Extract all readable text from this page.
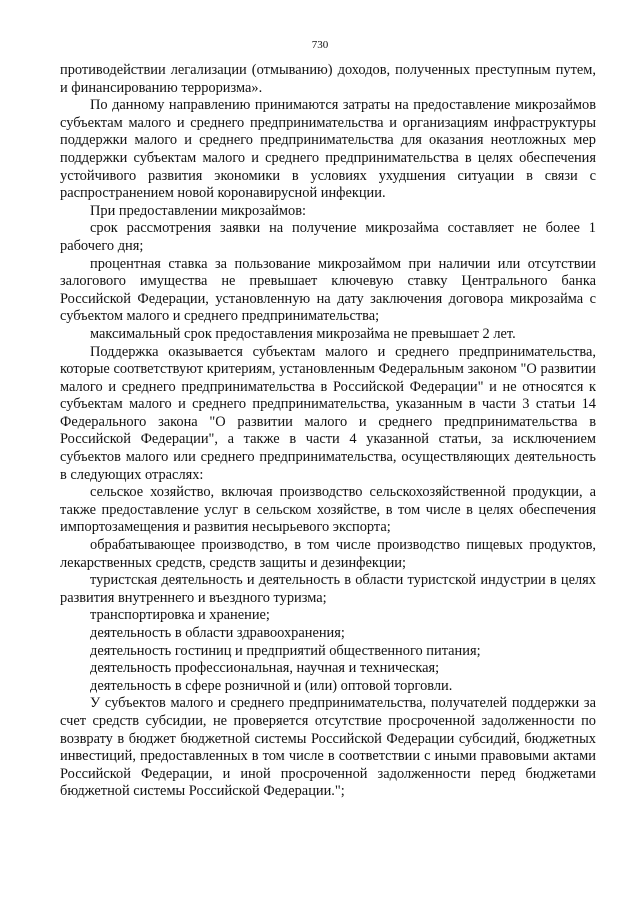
730

противодействии легализации (отмыванию) доходов, полученных преступным путем, и финансированию терроризма».

По данному направлению принимаются затраты на предоставление микрозаймов субъектам малого и среднего предпринимательства и организациям инфраструктуры поддержки малого и среднего предпринимательства для оказания неотложных мер поддержки субъектам малого и среднего предпринимательства в целях обеспечения устойчивого развития экономики в условиях ухудшения ситуации в связи с распространением новой коронавирусной инфекции.

При предоставлении микрозаймов:

срок рассмотрения заявки на получение микрозайма составляет не более 1 рабочего дня;

процентная ставка за пользование микрозаймом при наличии или отсутствии залогового имущества не превышает ключевую ставку Центрального банка Российской Федерации, установленную на дату заключения договора микрозайма с субъектом малого и среднего предпринимательства;

максимальный срок предоставления микрозайма не превышает 2 лет.

Поддержка оказывается субъектам малого и среднего предпринимательства, которые соответствуют критериям, установленным Федеральным законом "О развитии малого и среднего предпринимательства в Российской Федерации" и не относятся к субъектам малого и среднего предпринимательства, указанным в части 3 статьи 14 Федерального закона "О развитии малого и среднего предпринимательства в Российской Федерации", а также в части 4 указанной статьи, за исключением субъектов малого или среднего предпринимательства, осуществляющих деятельность в следующих отраслях:

сельское хозяйство, включая производство сельскохозяйственной продукции, а также предоставление услуг в сельском хозяйстве, в том числе в целях обеспечения импортозамещения и развития несырьевого экспорта;

обрабатывающее производство, в том числе производство пищевых продуктов, лекарственных средств, средств защиты и дезинфекции;

туристская деятельность и деятельность в области туристской индустрии в целях развития внутреннего и въездного туризма;

транспортировка и хранение;

деятельность в области здравоохранения;

деятельность гостиниц и предприятий общественного питания;

деятельность профессиональная, научная и техническая;

деятельность в сфере розничной и (или) оптовой торговли.

У субъектов малого и среднего предпринимательства, получателей поддержки за счет средств субсидии, не проверяется отсутствие просроченной задолженности по возврату в бюджет бюджетной системы Российской Федерации субсидий, бюджетных инвестиций, предоставленных в том числе в соответствии с иными правовыми актами Российской Федерации, и иной просроченной задолженности перед бюджетами бюджетной системы Российской Федерации.";
